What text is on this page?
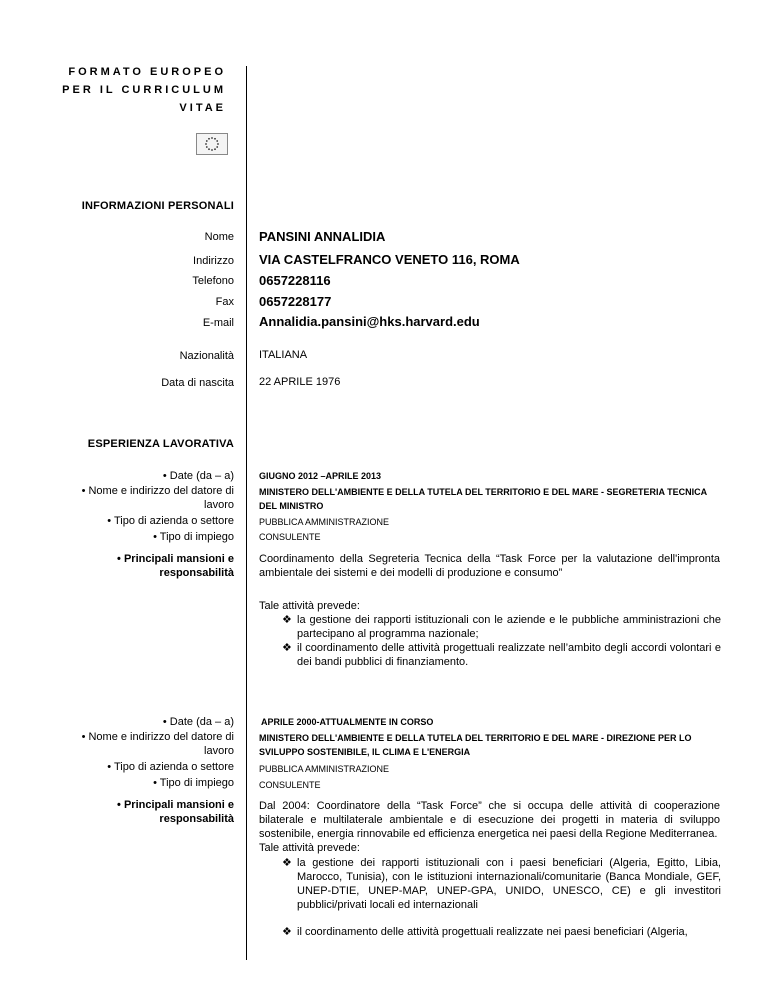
FORMATO EUROPEO
PER IL CURRICULUM
VITAE
INFORMAZIONI PERSONALI
Nome PANSINI ANNALIDIA
Indirizzo VIA CASTELFRANCO VENETO 116, ROMA
Telefono 0657228116
Fax 0657228177
E-mail Annalidia.pansini@hks.harvard.edu
Nazionalità ITALIANA
Data di nascita 22 APRILE 1976
ESPERIENZA LAVORATIVA
• Date (da – a)
• Nome e indirizzo del datore di lavoro
• Tipo di azienda o settore
• Tipo di impiego
• Principali mansioni e responsabilità
GIUGNO 2012 –APRILE 2013
MINISTERO DELL'AMBIENTE E DELLA TUTELA DEL TERRITORIO E DEL MARE - SEGRETERIA TECNICA DEL MINISTRO
PUBBLICA AMMINISTRAZIONE
CONSULENTE
Coordinamento della Segreteria Tecnica della “Task Force per la valutazione dell'impronta ambientale dei sistemi e dei modelli di produzione e consumo”
Tale attività prevede:
❖ la gestione dei rapporti istituzionali con le aziende e le pubbliche amministrazioni che partecipano al programma nazionale;
❖ il coordinamento delle attività progettuali realizzate nell’ambito degli accordi volontari e dei bandi pubblici di finanziamento.
• Date (da – a)
• Nome e indirizzo del datore di lavoro
• Tipo di azienda o settore
• Tipo di impiego
• Principali mansioni e responsabilità
APRILE 2000-ATTUALMENTE IN CORSO
MINISTERO DELL'AMBIENTE E DELLA TUTELA DEL TERRITORIO E DEL MARE - DIREZIONE PER LO SVILUPPO SOSTENIBILE, IL CLIMA E L'ENERGIA
PUBBLICA AMMINISTRAZIONE
CONSULENTE
Dal 2004: Coordinatore della “Task Force” che si occupa delle attività di cooperazione bilaterale e multilaterale ambientale e di esecuzione dei progetti in materia di sviluppo sostenibile, energia rinnovabile ed efficienza energetica nei paesi della Regione Mediterranea.
Tale attività prevede:
❖ la gestione dei rapporti istituzionali con i paesi beneficiari (Algeria, Egitto, Libia, Marocco, Tunisia), con le istituzioni internazionali/comunitarie (Banca Mondiale, GEF, UNEP-DTIE, UNEP-MAP, UNEP-GPA, UNIDO, UNESCO, CE) e gli investitori pubblici/privati locali ed internazionali
❖ il coordinamento delle attività progettuali realizzate nei paesi beneficiari (Algeria,
